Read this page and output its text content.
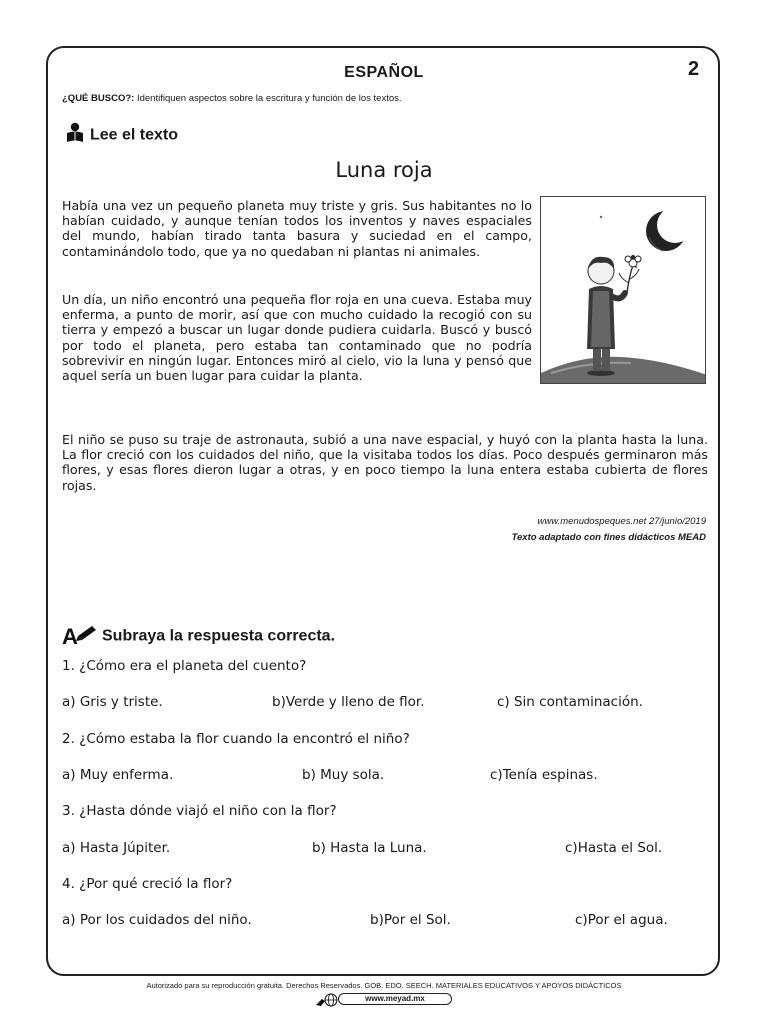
ESPAÑOL	2
¿QUÉ BUSCO?: Identifiquen aspectos sobre la escritura y función de los textos.
Lee el texto
Luna roja

Había una vez un pequeño planeta muy triste y gris. Sus habitantes no lo habían cuidado, y aunque tenían todos los inventos y naves espaciales del mundo, habían tirado tanta basura y suciedad en el campo, contaminándolo todo, que ya no quedaban ni plantas ni animales.

Un día, un niño encontró una pequeña flor roja en una cueva. Estaba muy enferma, a punto de morir, así que con mucho cuidado la recogió con su tierra y empezó a buscar un lugar donde pudiera cuidarla. Buscó y buscó por todo el planeta, pero estaba tan contaminado que no podría sobrevivir en ningún lugar. Entonces miró al cielo, vio la luna y pensó que aquel sería un buen lugar para cuidar la planta.

El niño se puso su traje de astronauta, subió a una nave espacial, y huyó con la planta hasta la luna. La flor creció con los cuidados del niño, que la visitaba todos los días. Poco después germinaron más flores, y esas flores dieron lugar a otras, y en poco tiempo la luna entera estaba cubierta de flores rojas.

www.menudospeques.net 27/junio/2019
Texto adaptado con fines didácticos MEAD
A Subraya la respuesta correcta.
1. ¿Cómo era el planeta del cuento?
a) Gris y triste.	b)Verde y lleno de flor.	c) Sin contaminación.
2. ¿Cómo estaba la flor cuando la encontró el niño?
a) Muy enferma.	b) Muy sola.	c)Tenía espinas.
3. ¿Hasta dónde viajó el niño con la flor?
a) Hasta Júpiter.	b) Hasta la Luna.	c)Hasta el Sol.
4. ¿Por qué creció la flor?
a) Por los cuidados del niño.	b)Por el Sol.	c)Por el agua.
Autorizado para su reproducción gratuita. Derechos Reservados. GOB. EDO. SEECH. MATERIALES EDUCATIVOS Y APOYOS DIDÁCTICOS
www.meyad.mx
